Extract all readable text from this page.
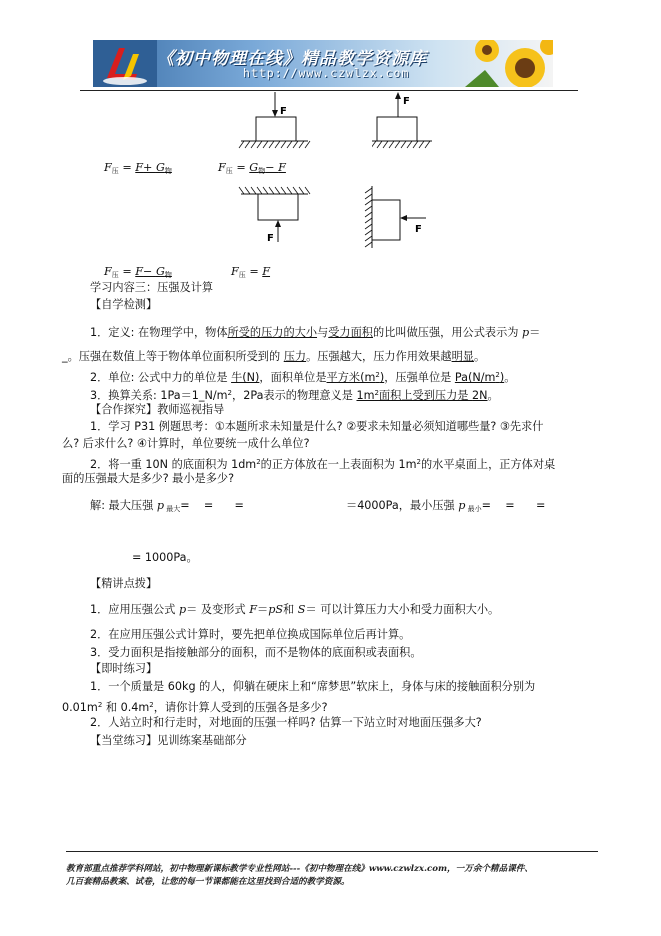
《初中物理在线》精品教学资源库
http://www.czwlzx.com
F
F
$F_压 = F+ G_物$	$F_压 = G_物- F$
F
F
$F_压 = F- G_物$	$F_压 = F$
学习内容三：压强及计算
【自学检测】
1．定义: 在物理学中，物体所受的压力的大小与受力面积的比叫做压强，用公式表示为 p＝
_。压强在数值上等于物体单位面积所受到的 压力。压强越大，压力作用效果越明显。
2．单位: 公式中力的单位是 牛(N)，面积单位是平方米$(m^2)$，压强单位是 $Pa(N/m^2)$。
3．换算关系: $1Pa=1\_N/m^2$，2Pa表示的物理意义是 $1m^2$面积上受到压力是 2N。
【合作探究】教师巡视指导
1．学习 P31 例题思考：①本题所求未知量是什么? ②要求未知量必须知道哪些量? ③先求什
么? 后求什么? ④计算时，单位要统一成什么单位?
2．将一重 10N 的底面积为 $1dm^2$的正方体放在一上表面积为 $1m^2$的水平桌面上，正方体对桌
面的压强最大是多少? 最小是多少?
解: 最大压强 p $_{最大}$=    =      =	＝4000Pa，最小压强 p $_{最小}$=    =      =
= 1000Pa。
【精讲点拨】
1．应用压强公式 p＝ 及变形式 F＝pS和 S＝ 可以计算压力大小和受力面积大小。
2．在应用压强公式计算时，要先把单位换成国际单位后再计算。
3．受力面积是指接触部分的面积，而不是物体的底面积或表面积。
【即时练习】
1．一个质量是 60kg 的人，仰躺在硬床上和“席梦思”软床上，身体与床的接触面积分别为
$0.01m^2$ 和 $0.4m^2$，请你计算人受到的压强各是多少?
2．人站立时和行走时，对地面的压强一样吗? 估算一下站立时对地面压强多大?
【当堂练习】见训练案基础部分
教育部重点推荐学科网站，初中物理新课标教学专业性网站---《初中物理在线》www.czwlzx.com，一万余个精品课件、
几百套精品教案、试卷，让您的每一节课都能在这里找到合适的教学资源。
